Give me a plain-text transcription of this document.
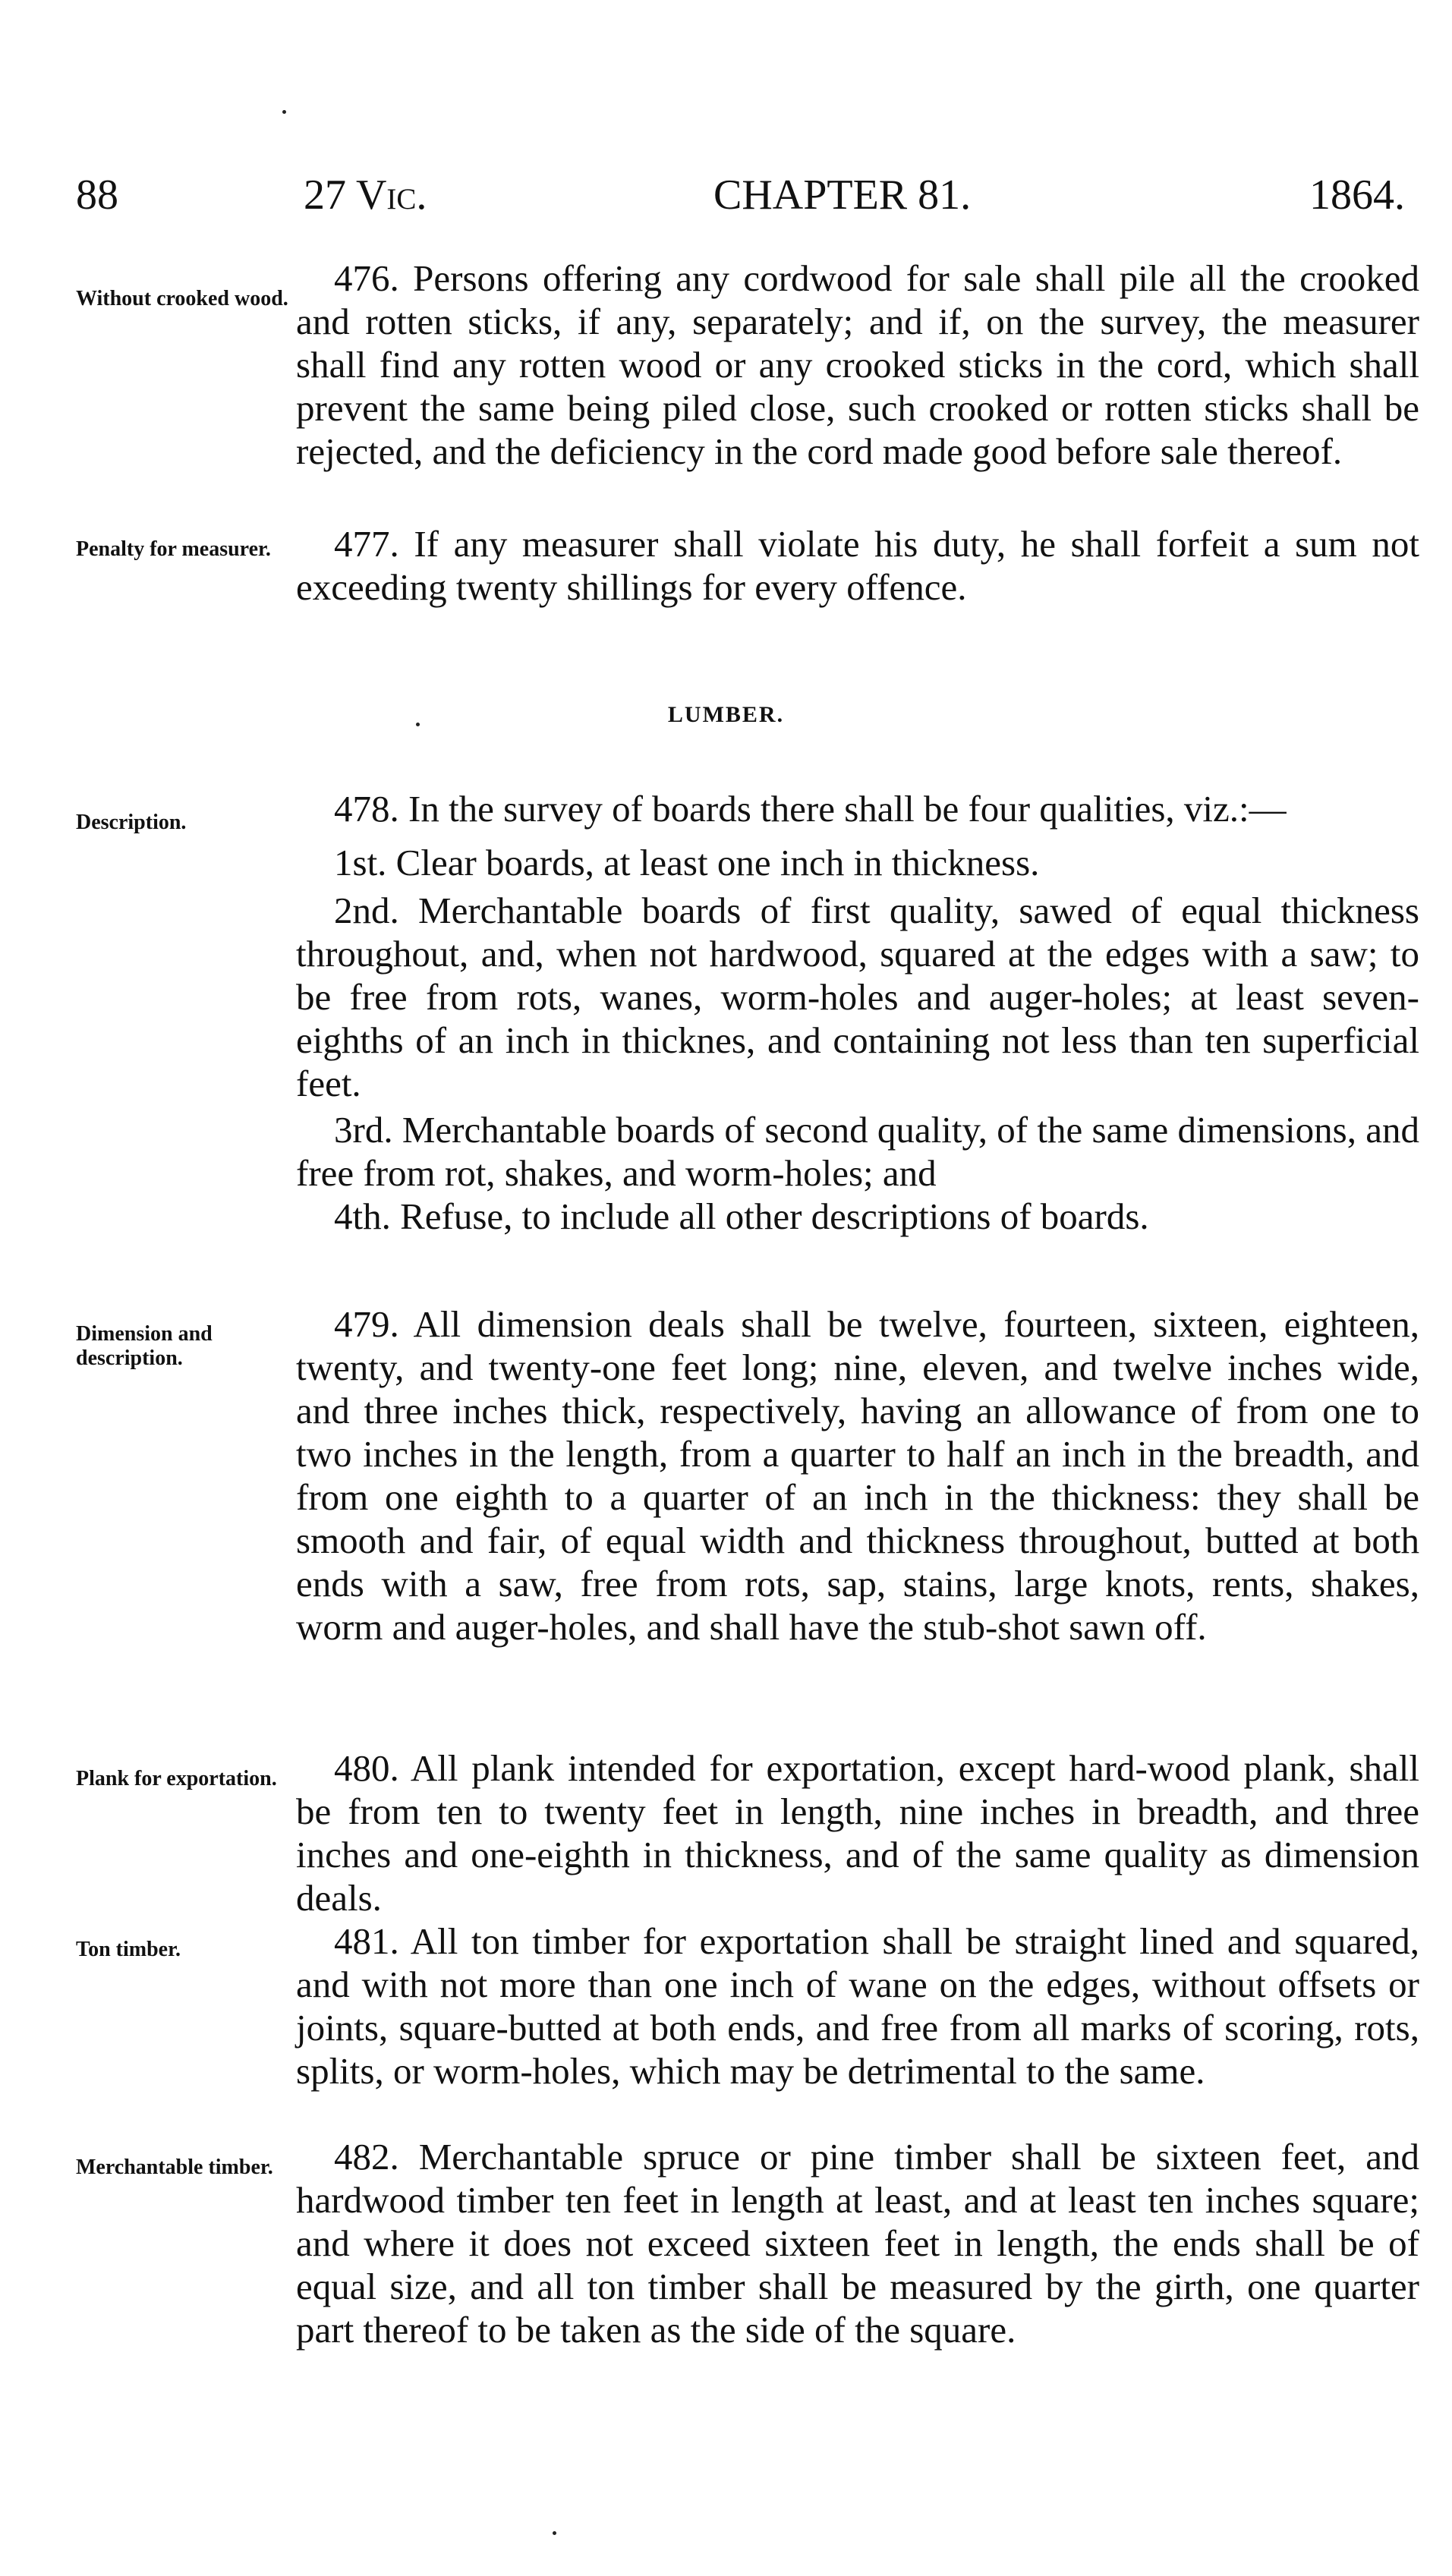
88	27 Vic.	CHAPTER 81.	1864.
Without crooked wood.	476. Persons offering any cordwood for sale shall pile all the crooked and rotten sticks, if any, separately; and if, on the survey, the measurer shall find any rotten wood or any crooked sticks in the cord, which shall prevent the same being piled close, such crooked or rotten sticks shall be rejected, and the deficiency in the cord made good before sale thereof.

Penalty for measurer.	477. If any measurer shall violate his duty, he shall forfeit a sum not exceeding twenty shillings for every offence.

LUMBER.
Description.	478. In the survey of boards there shall be four qualities, viz.:—

1st. Clear boards, at least one inch in thickness.

2nd. Merchantable boards of first quality, sawed of equal thickness throughout, and, when not hardwood, squared at the edges with a saw; to be free from rots, wanes, worm-holes and auger-holes; at least seven-eighths of an inch in thicknes, and containing not less than ten superficial feet.

3rd. Merchantable boards of second quality, of the same dimensions, and free from rot, shakes, and worm-holes; and

4th. Refuse, to include all other descriptions of boards.

Dimension and description.

479. All dimension deals shall be twelve, fourteen, sixteen, eighteen, twenty, and twenty-one feet long; nine, eleven, and twelve inches wide, and three inches thick, respectively, having an allowance of from one to two inches in the length, from a quarter to half an inch in the breadth, and from one eighth to a quarter of an inch in the thickness: they shall be smooth and fair, of equal width and thickness throughout, butted at both ends with a saw, free from rots, sap, stains, large knots, rents, shakes, worm and auger-holes, and shall have the stub-shot sawn off.

Plank for exportation.	480. All plank intended for exportation, except hard-wood plank, shall be from ten to twenty feet in length, nine inches in breadth, and three inches and one-eighth in thickness, and of the same quality as dimension deals.

Ton timber.	481. All ton timber for exportation shall be straight lined and squared, and with not more than one inch of wane on the edges, without offsets or joints, square-butted at both ends, and free from all marks of scoring, rots, splits, or worm-holes, which may be detrimental to the same.

Merchantable timber.	482. Merchantable spruce or pine timber shall be sixteen feet, and hardwood timber ten feet in length at least, and at least ten inches square; and where it does not exceed sixteen feet in length, the ends shall be of equal size, and all ton timber shall be measured by the girth, one quarter part thereof to be taken as the side of the square.
